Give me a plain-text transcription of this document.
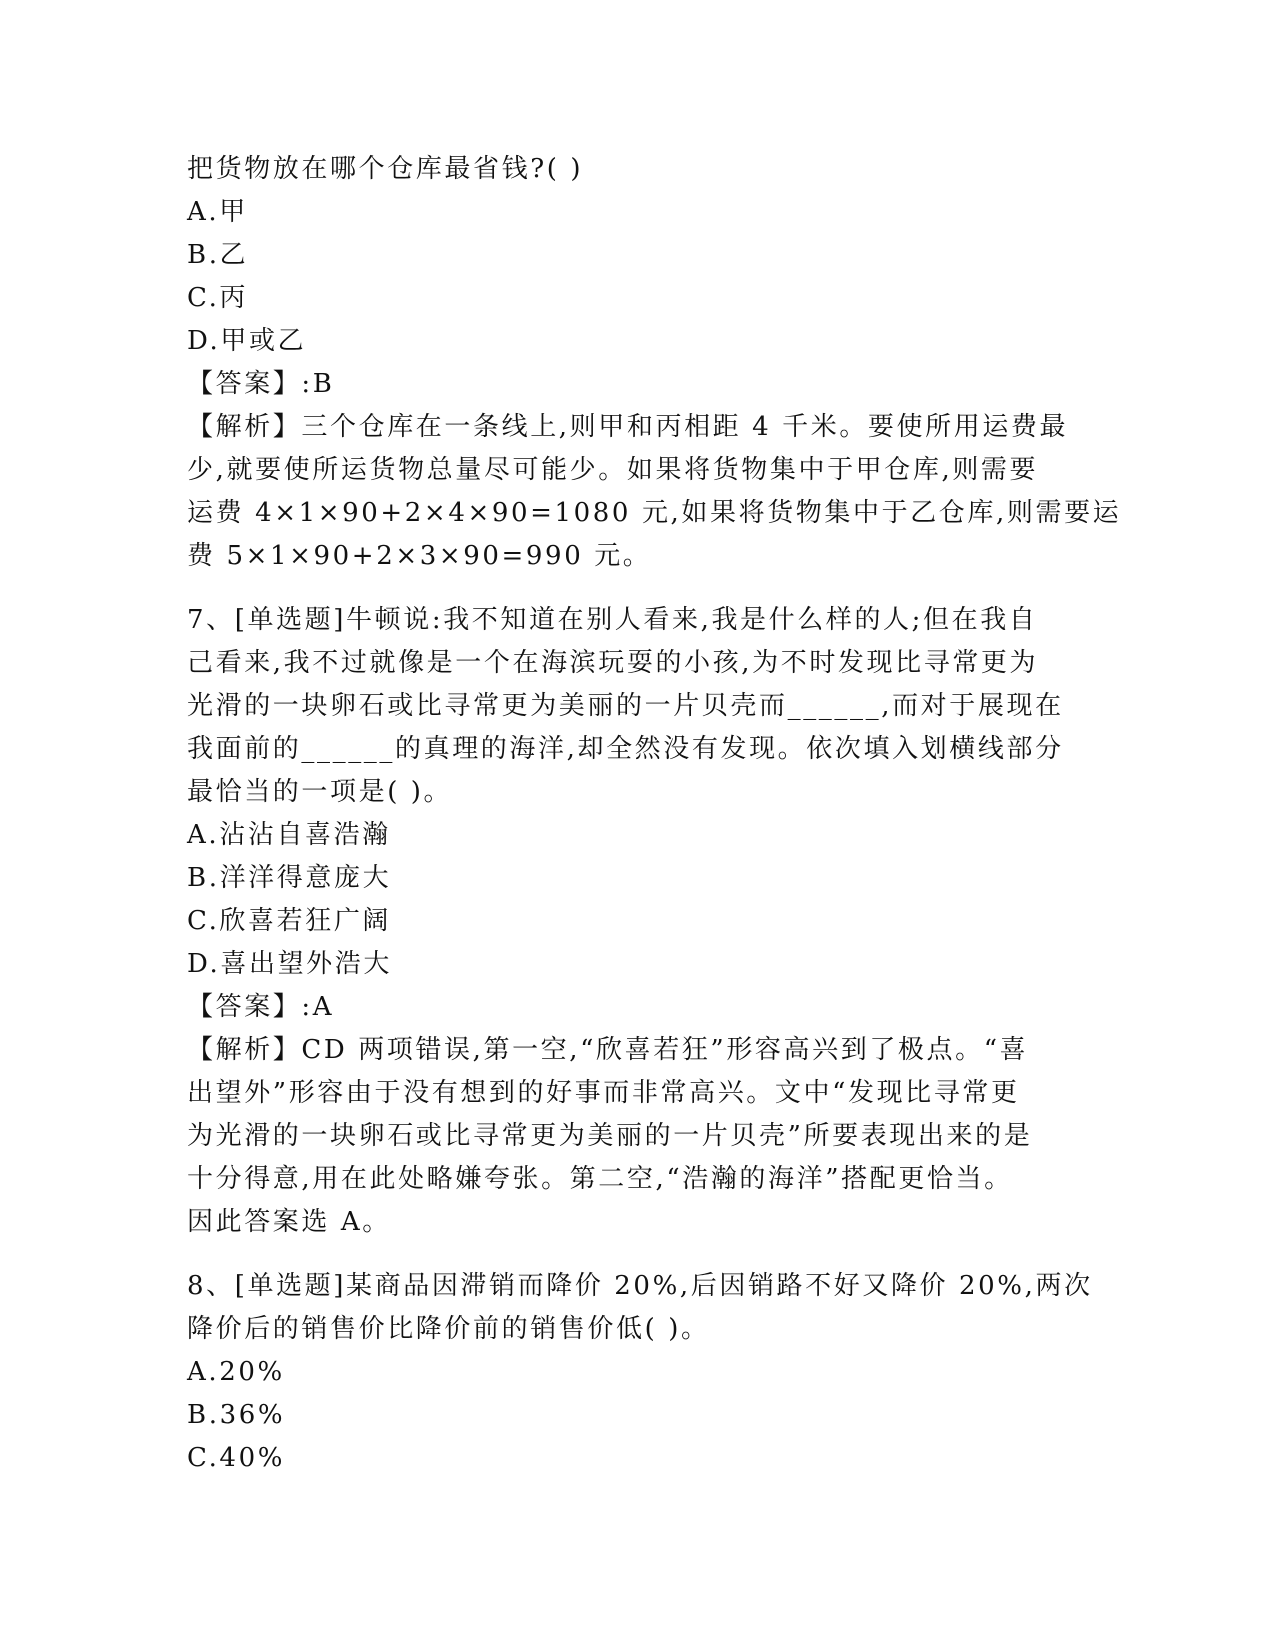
把货物放在哪个仓库最省钱?( )
A.甲
B.乙
C.丙
D.甲或乙
【答案】:B
【解析】三个仓库在一条线上,则甲和丙相距 4 千米。要使所用运费最
少,就要使所运货物总量尽可能少。如果将货物集中于甲仓库,则需要
运费 4×1×90+2×4×90=1080 元,如果将货物集中于乙仓库,则需要运
费 5×1×90+2×3×90=990 元。
7、[单选题]牛顿说:我不知道在别人看来,我是什么样的人;但在我自
己看来,我不过就像是一个在海滨玩耍的小孩,为不时发现比寻常更为
光滑的一块卵石或比寻常更为美丽的一片贝壳而______,而对于展现在
我面前的______的真理的海洋,却全然没有发现。依次填入划横线部分
最恰当的一项是( )。
A.沾沾自喜浩瀚
B.洋洋得意庞大
C.欣喜若狂广阔
D.喜出望外浩大
【答案】:A
【解析】CD 两项错误,第一空,“欣喜若狂”形容高兴到了极点。“喜
出望外”形容由于没有想到的好事而非常高兴。文中“发现比寻常更
为光滑的一块卵石或比寻常更为美丽的一片贝壳”所要表现出来的是
十分得意,用在此处略嫌夸张。第二空,“浩瀚的海洋”搭配更恰当。
因此答案选 A。
8、[单选题]某商品因滞销而降价 20%,后因销路不好又降价 20%,两次
降价后的销售价比降价前的销售价低( )。
A.20%
B.36%
C.40%
